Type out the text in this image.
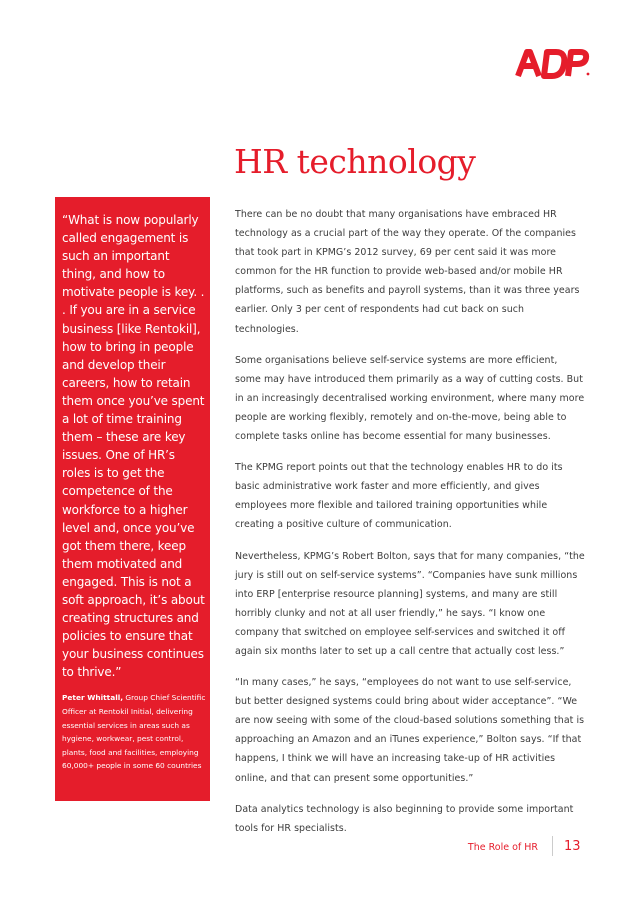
HR technology

“What is now popularly called engagement is such an important thing, and how to motivate people is key. . . If you are in a service business [like Rentokil], how to bring in people and develop their careers, how to retain them once you’ve spent a lot of time training them – these are key issues. One of HR’s roles is to get the competence of the workforce to a higher level and, once you’ve got them there, keep them motivated and engaged. This is not a soft approach, it’s about creating structures and policies to ensure that your business continues to thrive.”

Peter Whittall, Group Chief Scientific Officer at Rentokil Initial, delivering essential services in areas such as hygiene, workwear, pest control, plants, food and facilities, employing 60,000+ people in some 60 countries

There can be no doubt that many organisations have embraced HR technology as a crucial part of the way they operate. Of the companies that took part in KPMG’s 2012 survey, 69 per cent said it was more common for the HR function to provide web-based and/or mobile HR platforms, such as benefits and payroll systems, than it was three years earlier. Only 3 per cent of respondents had cut back on such technologies.

Some organisations believe self-service systems are more efficient, some may have introduced them primarily as a way of cutting costs. But in an increasingly decentralised working environment, where many more people are working flexibly, remotely and on-the-move, being able to complete tasks online has become essential for many businesses.

The KPMG report points out that the technology enables HR to do its basic administrative work faster and more efficiently, and gives employees more flexible and tailored training opportunities while creating a positive culture of communication.

Nevertheless, KPMG’s Robert Bolton, says that for many companies, “the jury is still out on self-service systems”. “Companies have sunk millions into ERP [enterprise resource planning] systems, and many are still horribly clunky and not at all user friendly,” he says. “I know one company that switched on employee self-services and switched it off again six months later to set up a call centre that actually cost less.”

“In many cases,” he says, “employees do not want to use self-service, but better designed systems could bring about wider acceptance”. “We are now seeing with some of the cloud-based solutions something that is approaching an Amazon and an iTunes experience,” Bolton says. “If that happens, I think we will have an increasing take-up of HR activities online, and that can present some opportunities.”

Data analytics technology is also beginning to provide some important tools for HR specialists.

The Role of HR 13
